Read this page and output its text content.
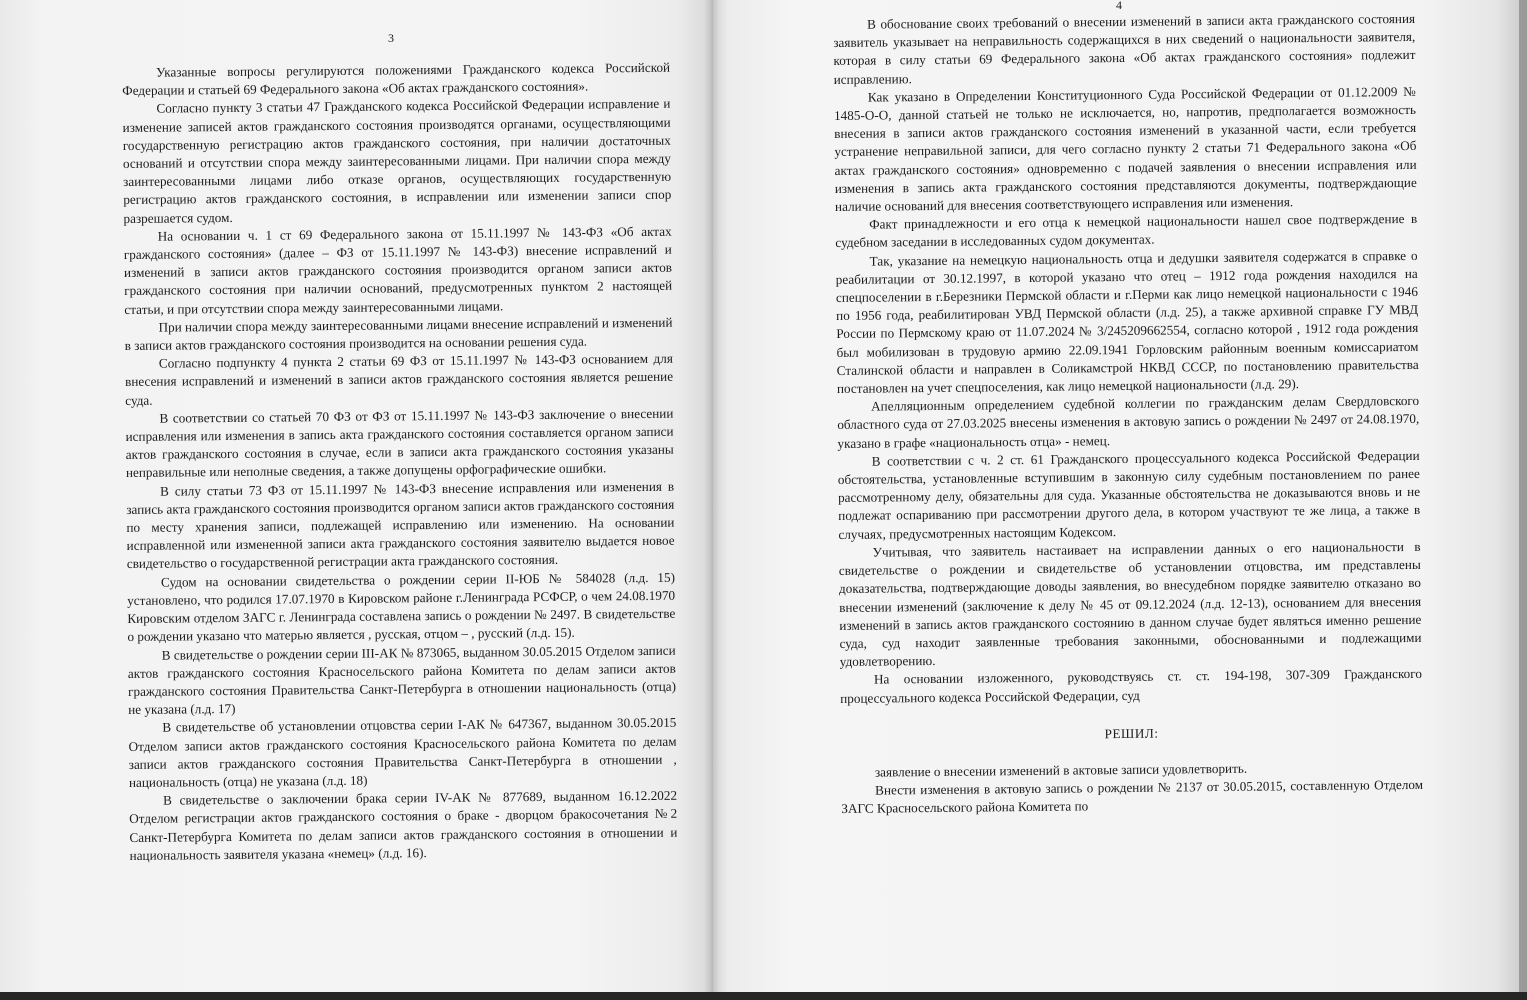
3

Указанные вопросы регулируются положениями Гражданского кодекса Российской Федерации и статьей 69 Федерального закона «Об актах гражданского состояния».

Согласно пункту 3 статьи 47 Гражданского кодекса Российской Федерации исправление и изменение записей актов гражданского состояния производятся органами, осуществляющими государственную регистрацию актов гражданского состояния, при наличии достаточных оснований и отсутствии спора между заинтересованными лицами. При наличии спора между заинтересованными лицами либо отказе органов, осуществляющих государственную регистрацию актов гражданского состояния, в исправлении или изменении записи спор разрешается судом.

На основании ч. 1 ст 69 Федерального закона от 15.11.1997 № 143-ФЗ «Об актах гражданского состояния» (далее – ФЗ от 15.11.1997 № 143-ФЗ) внесение исправлений и изменений в записи актов гражданского состояния производится органом записи актов гражданского состояния при наличии оснований, предусмотренных пунктом 2 настоящей статьи, и при отсутствии спора между заинтересованными лицами.

При наличии спора между заинтересованными лицами внесение исправлений и изменений в записи актов гражданского состояния производится на основании решения суда.

Согласно подпункту 4 пункта 2 статьи 69 ФЗ от 15.11.1997 № 143-ФЗ основанием для внесения исправлений и изменений в записи актов гражданского состояния является решение суда.

В соответствии со статьей 70 ФЗ от ФЗ от 15.11.1997 № 143-ФЗ заключение о внесении исправления или изменения в запись акта гражданского состояния составляется органом записи актов гражданского состояния в случае, если в записи акта гражданского состояния указаны неправильные или неполные сведения, а также допущены орфографические ошибки.

В силу статьи 73 ФЗ от 15.11.1997 № 143-ФЗ внесение исправления или изменения в запись акта гражданского состояния производится органом записи актов гражданского состояния по месту хранения записи, подлежащей исправлению или изменению. На основании исправленной или измененной записи акта гражданского состояния заявителю выдается новое свидетельство о государственной регистрации акта гражданского состояния.

Судом на основании свидетельства о рождении серии II-ЮБ № 584028 (л.д. 15) установлено, что родился 17.07.1970 в Кировском районе г.Ленинграда РСФСР, о чем 24.08.1970 Кировским отделом ЗАГС г. Ленинграда составлена запись о рождении № 2497. В свидетельстве о рождении указано что матерью является , русская, отцом – , русский (л.д. 15).

В свидетельстве о рождении серии III-АК № 873065, выданном 30.05.2015 Отделом записи актов гражданского состояния Красносельского района Комитета по делам записи актов гражданского состояния Правительства Санкт-Петербурга в отношении национальность (отца) не указана (л.д. 17)

В свидетельстве об установлении отцовства серии I-АК № 647367, выданном 30.05.2015 Отделом записи актов гражданского состояния Красносельского района Комитета по делам записи актов гражданского состояния Правительства Санкт-Петербурга в отношении , национальность (отца) не указана (л.д. 18)

В свидетельстве о заключении брака серии IV-АК № 877689, выданном 16.12.2022 Отделом регистрации актов гражданского состояния о браке - дворцом бракосочетания №2 Санкт-Петербурга Комитета по делам записи актов гражданского состояния в отношении и национальность заявителя указана «немец» (л.д. 16).

4

В обоснование своих требований о внесении изменений в записи акта гражданского состояния заявитель указывает на неправильность содержащихся в них сведений о национальности заявителя, которая в силу статьи 69 Федерального закона «Об актах гражданского состояния» подлежит исправлению.

Как указано в Определении Конституционного Суда Российской Федерации от 01.12.2009 № 1485-О-О, данной статьей не только не исключается, но, напротив, предполагается возможность внесения в записи актов гражданского состояния изменений в указанной части, если требуется устранение неправильной записи, для чего согласно пункту 2 статьи 71 Федерального закона «Об актах гражданского состояния» одновременно с подачей заявления о внесении исправления или изменения в запись акта гражданского состояния представляются документы, подтверждающие наличие оснований для внесения соответствующего исправления или изменения.

Факт принадлежности и его отца к немецкой национальности нашел свое подтверждение в судебном заседании в исследованных судом документах.

Так, указание на немецкую национальность отца и дедушки заявителя содержатся в справке о реабилитации от 30.12.1997, в которой указано что отец – 1912 года рождения находился на спецпоселении в г.Березники Пермской области и г.Перми как лицо немецкой национальности с 1946 по 1956 года, реабилитирован УВД Пермской области (л.д. 25), а также архивной справке ГУ МВД России по Пермскому краю от 11.07.2024 № 3/245209662554, согласно которой , 1912 года рождения был мобилизован в трудовую армию 22.09.1941 Горловским районным военным комиссариатом Сталинской области и направлен в Соликамстрой НКВД СССР, по постановлению правительства постановлен на учет спецпоселения, как лицо немецкой национальности (л.д. 29).

Апелляционным определением судебной коллегии по гражданским делам Свердловского областного суда от 27.03.2025 внесены изменения в актовую запись о рождении № 2497 от 24.08.1970, указано в графе «национальность отца» - немец.

В соответствии с ч. 2 ст. 61 Гражданского процессуального кодекса Российской Федерации обстоятельства, установленные вступившим в законную силу судебным постановлением по ранее рассмотренному делу, обязательны для суда. Указанные обстоятельства не доказываются вновь и не подлежат оспариванию при рассмотрении другого дела, в котором участвуют те же лица, а также в случаях, предусмотренных настоящим Кодексом.

Учитывая, что заявитель настаивает на исправлении данных о его национальности в свидетельстве о рождении и свидетельстве об установлении отцовства, им представлены доказательства, подтверждающие доводы заявления, во внесудебном порядке заявителю отказано во внесении изменений (заключение к делу № 45 от 09.12.2024 (л.д. 12-13), основанием для внесения изменений в запись актов гражданского состоянию в данном случае будет являться именно решение суда, суд находит заявленные требования законными, обоснованными и подлежащими удовлетворению.

На основании изложенного, руководствуясь ст. ст. 194-198, 307-309 Гражданского процессуального кодекса Российской Федерации, суд

РЕШИЛ:

заявление о внесении изменений в актовые записи удовлетворить.

Внести изменения в актовую запись о рождении № 2137 от 30.05.2015, составленную Отделом ЗАГС Красносельского района Комитета по
